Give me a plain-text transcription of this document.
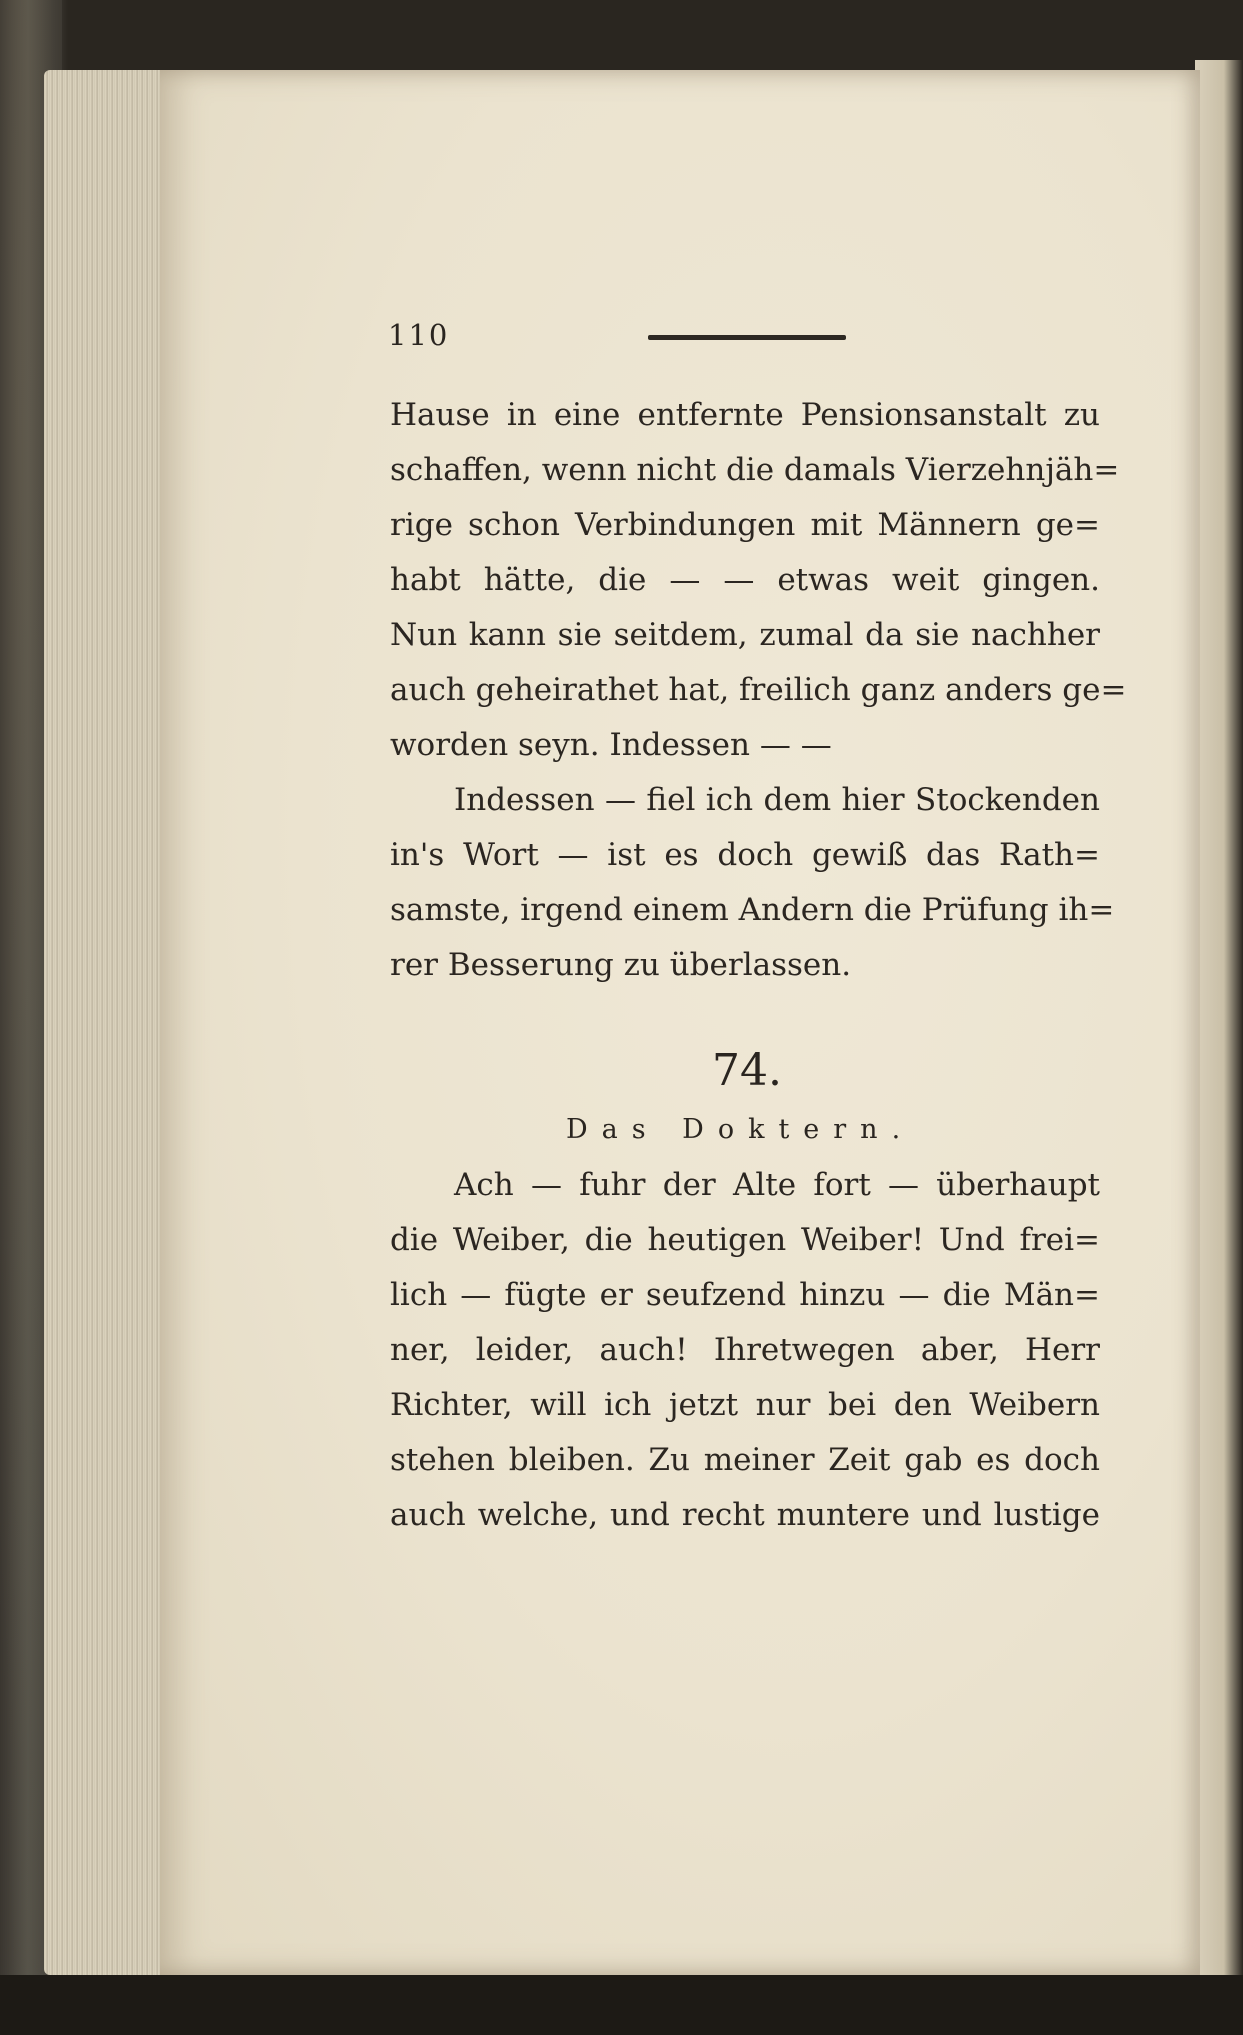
110
Hause in eine entfernte Pensionsanstalt zu
schaffen, wenn nicht die damals Vierzehnjäh=
rige schon Verbindungen mit Männern ge=
habt hätte, die — — etwas weit gingen.
Nun kann sie seitdem, zumal da sie nachher
auch geheirathet hat, freilich ganz anders ge=
worden seyn. Indessen — —
Indessen — fiel ich dem hier Stockenden
in's Wort — ist es doch gewiß das Rath=
samste, irgend einem Andern die Prüfung ih=
rer Besserung zu überlassen.
74.
Das Doktern.
Ach — fuhr der Alte fort — überhaupt
die Weiber, die heutigen Weiber! Und frei=
lich — fügte er seufzend hinzu — die Män=
ner, leider, auch! Ihretwegen aber, Herr
Richter, will ich jetzt nur bei den Weibern
stehen bleiben. Zu meiner Zeit gab es doch
auch welche, und recht muntere und lustige
